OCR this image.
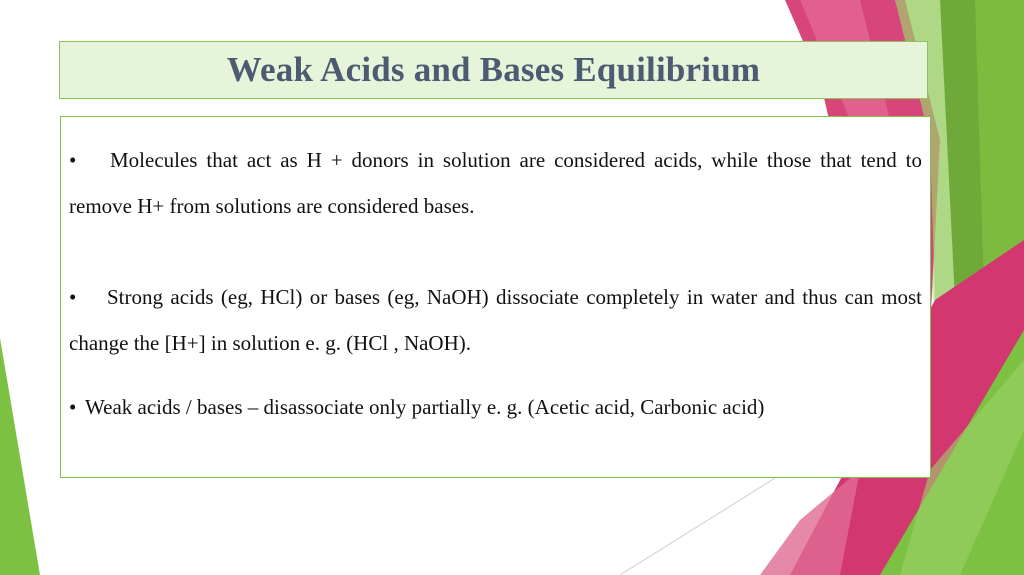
Weak Acids and Bases Equilibrium

• Molecules that act as H + donors in solution are considered acids, while those that tend to remove H+ from solutions are considered bases.

• Strong acids (eg, HCl) or bases (eg, NaOH) dissociate completely in water and thus can most change the [H+] in solution e. g. (HCl , NaOH).

• Weak acids / bases – disassociate only partially e. g. (Acetic acid, Carbonic acid)
